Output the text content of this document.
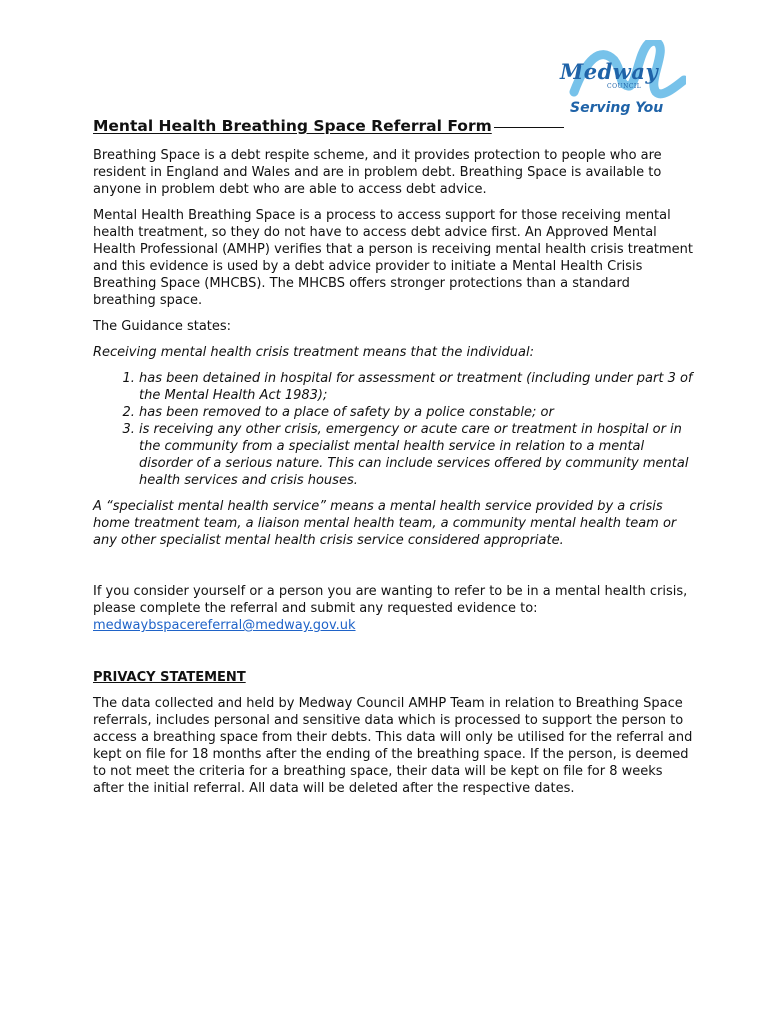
Medway
COUNCIL
Serving You
Mental Health Breathing Space Referral Form

Breathing Space is a debt respite scheme, and it provides protection to people who are resident in England and Wales and are in problem debt. Breathing Space is available to anyone in problem debt who are able to access debt advice.

Mental Health Breathing Space is a process to access support for those receiving mental health treatment, so they do not have to access debt advice first. An Approved Mental Health Professional (AMHP) verifies that a person is receiving mental health crisis treatment and this evidence is used by a debt advice provider to initiate a Mental Health Crisis Breathing Space (MHCBS). The MHCBS offers stronger protections than a standard breathing space.

The Guidance states:

Receiving mental health crisis treatment means that the individual:

1. has been detained in hospital for assessment or treatment (including under part 3 of the Mental Health Act 1983);
2. has been removed to a place of safety by a police constable; or
3. is receiving any other crisis, emergency or acute care or treatment in hospital or in the community from a specialist mental health service in relation to a mental disorder of a serious nature. This can include services offered by community mental health services and crisis houses.

A “specialist mental health service” means a mental health service provided by a crisis home treatment team, a liaison mental health team, a community mental health team or any other specialist mental health crisis service considered appropriate.

If you consider yourself or a person you are wanting to refer to be in a mental health crisis, please complete the referral and submit any requested evidence to:

medwaybspacereferral@medway.gov.uk

PRIVACY STATEMENT

The data collected and held by Medway Council AMHP Team in relation to Breathing Space referrals, includes personal and sensitive data which is processed to support the person to access a breathing space from their debts. This data will only be utilised for the referral and kept on file for 18 months after the ending of the breathing space. If the person, is deemed to not meet the criteria for a breathing space, their data will be kept on file for 8 weeks after the initial referral. All data will be deleted after the respective dates.
